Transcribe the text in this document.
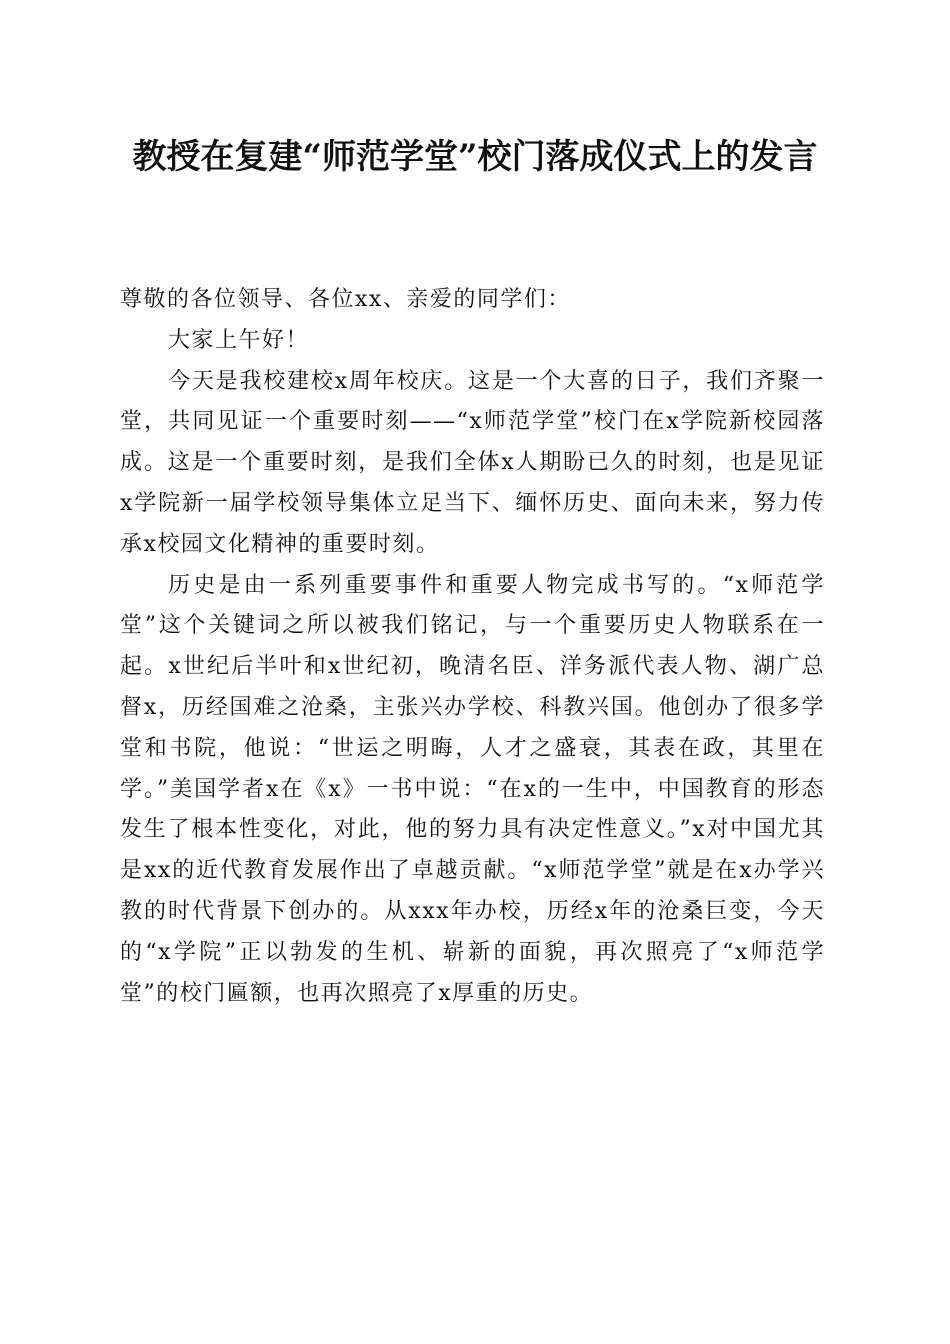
教授在复建“师范学堂”校门落成仪式上的发言

尊敬的各位领导、各位xx、亲爱的同学们：

大家上午好！

今天是我校建校x周年校庆。这是一个大喜的日子，我们齐聚一堂，共同见证一个重要时刻——“x师范学堂”校门在x学院新校园落成。这是一个重要时刻，是我们全体x人期盼已久的时刻，也是见证x学院新一届学校领导集体立足当下、缅怀历史、面向未来，努力传承x校园文化精神的重要时刻。

历史是由一系列重要事件和重要人物完成书写的。“x师范学堂”这个关键词之所以被我们铭记，与一个重要历史人物联系在一起。x世纪后半叶和x世纪初，晚清名臣、洋务派代表人物、湖广总督x，历经国难之沧桑，主张兴办学校、科教兴国。他创办了很多学堂和书院，他说：“世运之明晦，人才之盛衰，其表在政，其里在学。”美国学者x在《x》一书中说：“在x的一生中，中国教育的形态发生了根本性变化，对此，他的努力具有决定性意义。”x对中国尤其是xx的近代教育发展作出了卓越贡献。“x师范学堂”就是在x办学兴教的时代背景下创办的。从xxx年办校，历经x年的沧桑巨变，今天的“x学院”正以勃发的生机、崭新的面貌，再次照亮了“x师范学堂”的校门匾额，也再次照亮了x厚重的历史。
